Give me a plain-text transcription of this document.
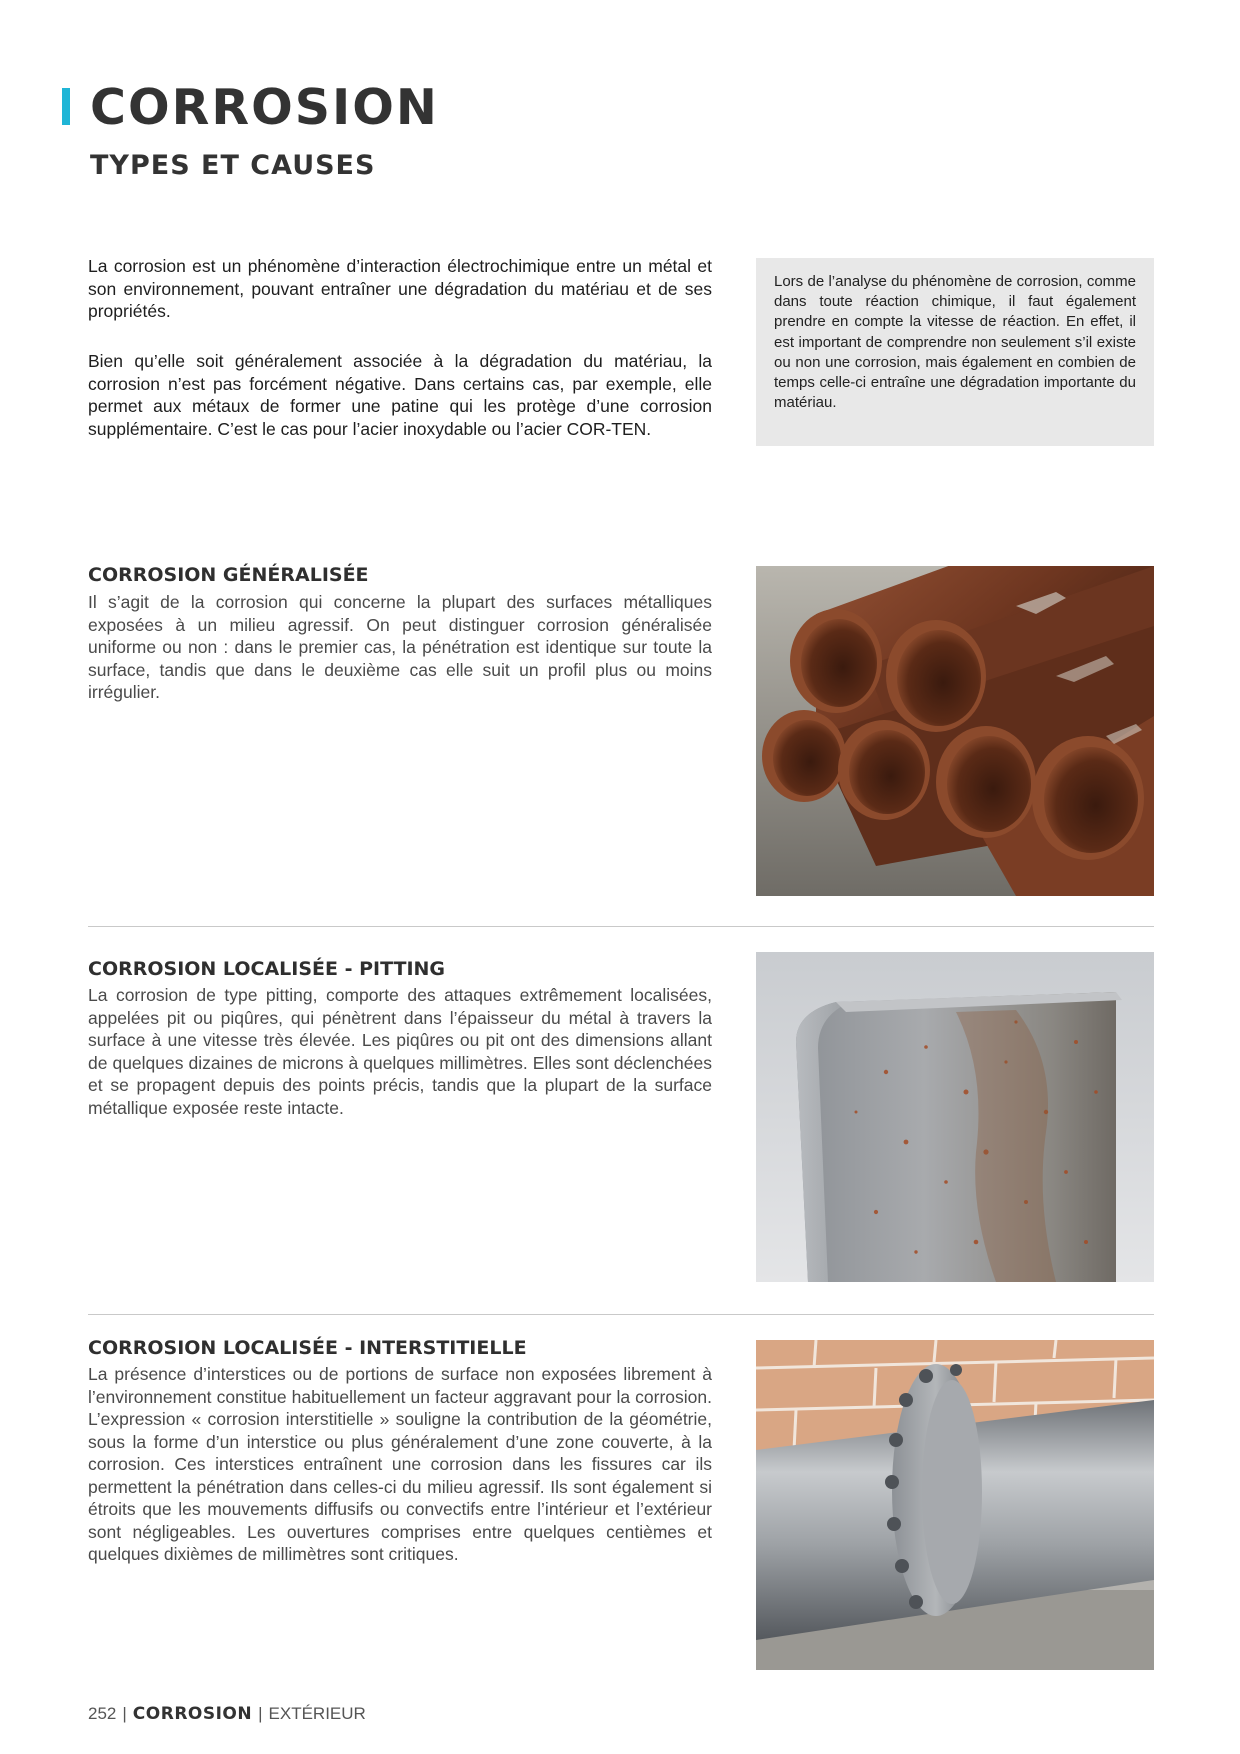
CORROSION
TYPES ET CAUSES

La corrosion est un phénomène d’interaction électrochimique entre un métal et son environnement, pouvant entraîner une dégradation du matériau et de ses propriétés.

Bien qu’elle soit généralement associée à la dégradation du matériau, la corrosion n’est pas forcément négative. Dans certains cas, par exemple, elle permet aux métaux de former une patine qui les protège d’une corrosion supplémentaire. C’est le cas pour l’acier inoxydable ou l’acier COR-TEN.

Lors de l’analyse du phénomène de corrosion, comme dans toute réaction chimique, il faut également prendre en compte la vitesse de réaction. En effet, il est important de comprendre non seulement s’il existe ou non une corrosion, mais également en combien de temps celle-ci entraîne une dégradation importante du matériau.

CORROSION GÉNÉRALISÉE

Il s’agit de la corrosion qui concerne la plupart des surfaces métalliques exposées à un milieu agressif. On peut distinguer corrosion généralisée uniforme ou non : dans le premier cas, la pénétration est identique sur toute la surface, tandis que dans le deuxième cas elle suit un profil plus ou moins irrégulier.

CORROSION LOCALISÉE - PITTING

La corrosion de type pitting, comporte des attaques extrêmement localisées, appelées pit ou piqûres, qui pénètrent dans l’épaisseur du métal à travers la surface à une vitesse très élevée. Les piqûres ou pit ont des dimensions allant de quelques dizaines de microns à quelques millimètres. Elles sont déclenchées et se propagent depuis des points précis, tandis que la plupart de la surface métallique exposée reste intacte.

CORROSION LOCALISÉE - INTERSTITIELLE

La présence d’interstices ou de portions de surface non exposées librement à l’environnement constitue habituellement un facteur aggravant pour la corrosion. L’expression « corrosion interstitielle » souligne la contribution de la géométrie, sous la forme d’un interstice ou plus généralement d’une zone couverte, à la corrosion. Ces interstices entraînent une corrosion dans les fissures car ils permettent la pénétration dans celles-ci du milieu agressif. Ils sont également si étroits que les mouvements diffusifs ou convectifs entre l’intérieur et l’extérieur sont négligeables. Les ouvertures comprises entre quelques centièmes et quelques dixièmes de millimètres sont critiques.

252 | CORROSION | EXTÉRIEUR
